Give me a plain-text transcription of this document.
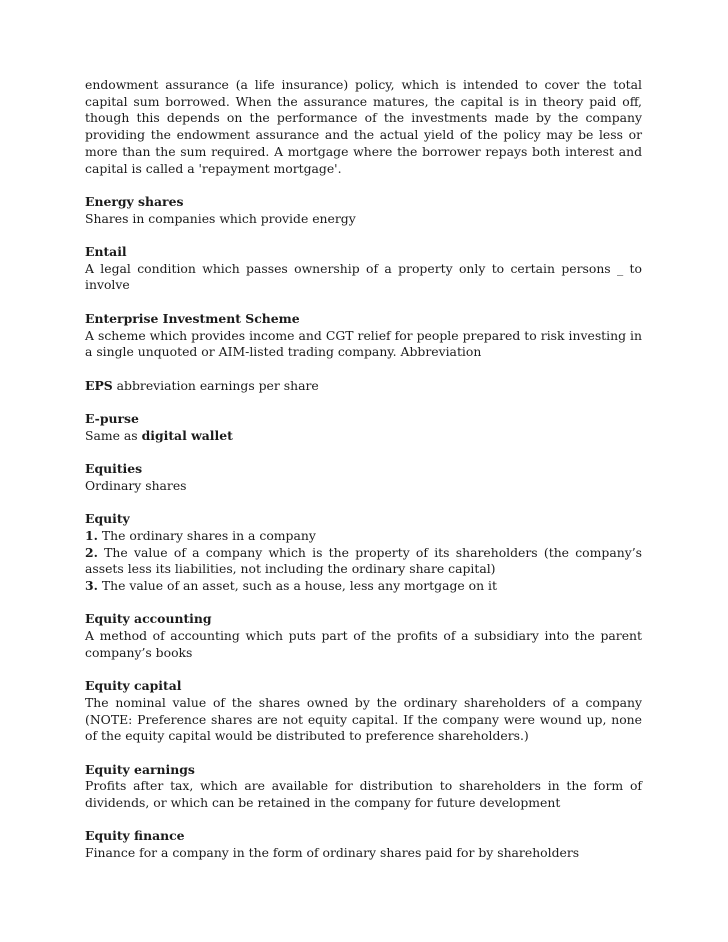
endowment assurance (a life insurance) policy, which is intended to cover the total capital sum borrowed. When the assurance matures, the capital is in theory paid off, though this depends on the performance of the investments made by the company providing the endowment assurance and the actual yield of the policy may be less or more than the sum required. A mortgage where the borrower repays both interest and capital is called a 'repayment mortgage'.

Energy shares
Shares in companies which provide energy
Entail
A legal condition which passes ownership of a property only to certain persons _ to involve
Enterprise Investment Scheme
A scheme which provides income and CGT relief for people prepared to risk investing in a single unquoted or AIM-listed trading company. Abbreviation
EPS abbreviation earnings per share
E-purse
Same as digital wallet
Equities
Ordinary shares
Equity
1. The ordinary shares in a company
2. The value of a company which is the property of its shareholders (the company’s assets less its liabilities, not including the ordinary share capital)
3. The value of an asset, such as a house, less any mortgage on it
Equity accounting
A method of accounting which puts part of the profits of a subsidiary into the parent company’s books
Equity capital
The nominal value of the shares owned by the ordinary shareholders of a company (NOTE: Preference shares are not equity capital. If the company were wound up, none of the equity capital would be distributed to preference shareholders.)
Equity earnings
Profits after tax, which are available for distribution to shareholders in the form of dividends, or which can be retained in the company for future development
Equity finance
Finance for a company in the form of ordinary shares paid for by shareholders
